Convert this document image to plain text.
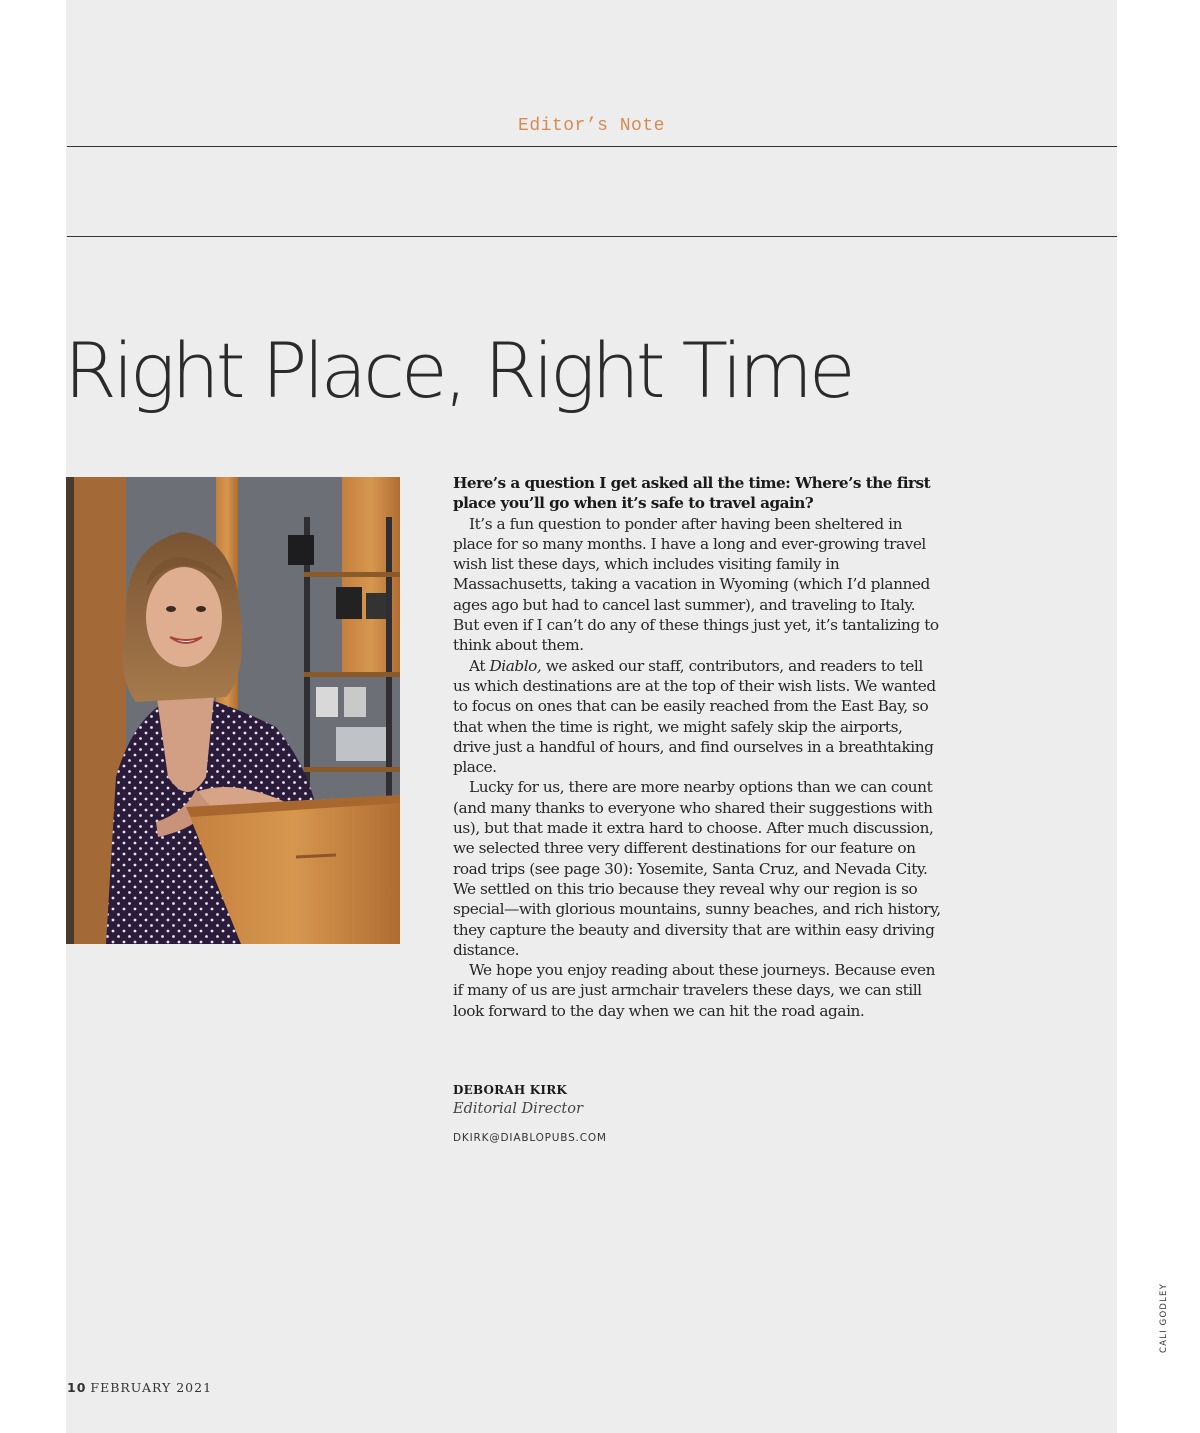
Editor’s Note
Right Place, Right Time

Here’s a question I get asked all the time: Where’s the first place you’ll go when it’s safe to travel again?

It’s a fun question to ponder after having been sheltered in place for so many months. I have a long and ever-growing travel wish list these days, which includes visiting family in Massachusetts, taking a vacation in Wyoming (which I’d planned ages ago but had to cancel last summer), and traveling to Italy. But even if I can’t do any of these things just yet, it’s tantalizing to think about them.

At Diablo, we asked our staff, contributors, and readers to tell us which destinations are at the top of their wish lists. We wanted to focus on ones that can be easily reached from the East Bay, so that when the time is right, we might safely skip the airports, drive just a handful of hours, and find ourselves in a breathtaking place.

Lucky for us, there are more nearby options than we can count (and many thanks to everyone who shared their suggestions with us), but that made it extra hard to choose. After much discussion, we selected three very different destinations for our feature on road trips (see page 30): Yosemite, Santa Cruz, and Nevada City. We settled on this trio because they reveal why our region is so special—with glorious mountains, sunny beaches, and rich history, they capture the beauty and diversity that are within easy driving distance.

We hope you enjoy reading about these journeys. Because even if many of us are just armchair travelers these days, we can still look forward to the day when we can hit the road again.

DEBORAH KIRK
Editorial Director
DKIRK@DIABLOPUBS.COM
10 FEBRUARY 2021
CALI GODLEY
